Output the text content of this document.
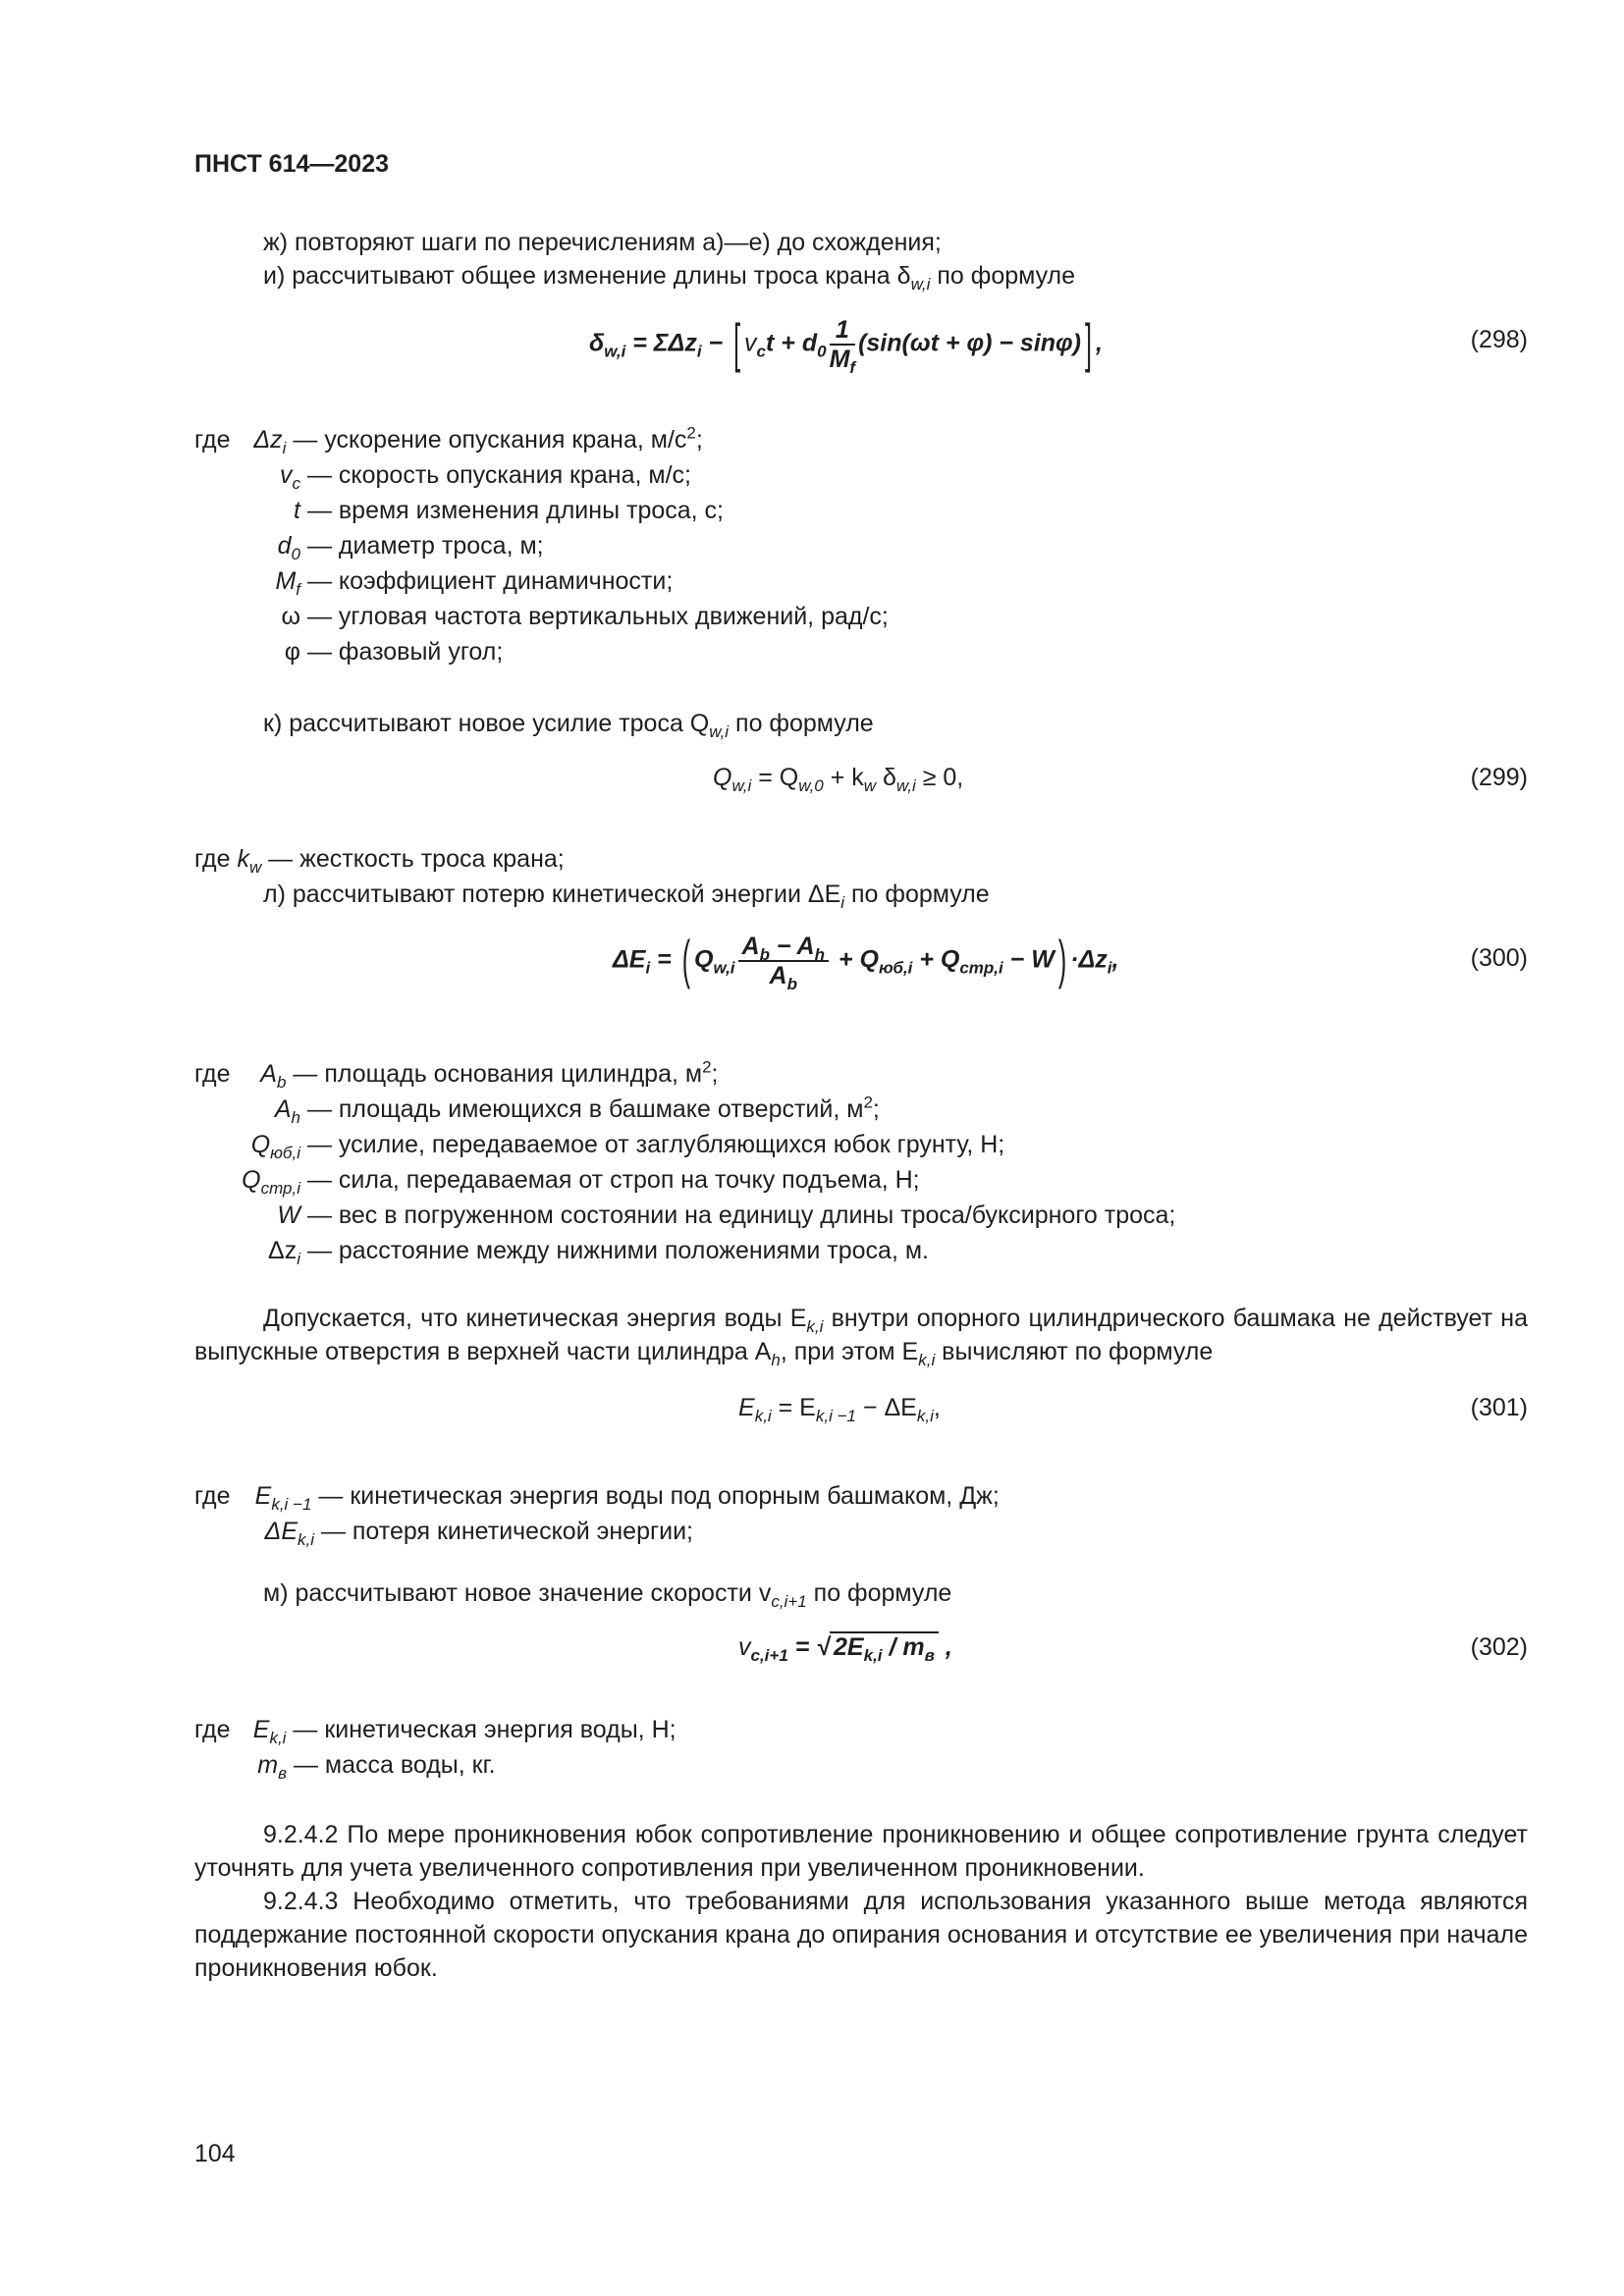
ПНСТ 614—2023
ж) повторяют шаги по перечислениям а)—е) до схождения;
и) рассчитывают общее изменение длины троса крана $\delta_{w,i}$ по формуле
$\delta_{w,i} = \Sigma\Delta z_i$ − [ $v_ct + d_0 \frac{1}{M_f} (\sin(\omega t + \varphi) - \sin\varphi)$ ] ,	(298)
где $\Delta z_i$ — ускорение опускания крана, $м/с^2$;
$v_c$ — скорость опускания крана, м/с;
t — время изменения длины троса, с;
$d_0$ — диаметр троса, м;
$M_f$ — коэффициент динамичности;
ω — угловая частота вертикальных движений, рад/с;
φ — фазовый угол;
к) рассчитывают новое усилие троса $Q_{w,i}$ по формуле
$Q_{w,i} = Q_{w,0} + k_w$ $\delta_{w,i} \ge 0$,	(299)
где $k_w$ — жесткость троса крана;
л) рассчитывают потерю кинетической энергии $\Delta E_i$ по формуле
$\Delta E_i$ = ( $Q_{w,i} \frac{A_b - A_h}{A_b} + Q_{юб,i} + Q_{стр,i} - W$ ) $\cdot\Delta z_i$,	(300)
где $A_b$ — площадь основания цилиндра, $м^2$;
$A_h$ — площадь имеющихся в башмаке отверстий, $м^2$;
$Q_{юб,i}$ — усилие, передаваемое от заглубляющихся юбок грунту, Н;
$Q_{стр,i}$ — сила, передаваемая от строп на точку подъема, Н;
W — вес в погруженном состоянии на единицу длины троса/буксирного троса;
$\Delta z_i$ — расстояние между нижними положениями троса, м.
Допускается, что кинетическая энергия воды $E_{k,i}$ внутри опорного цилиндрического башмака не действует на выпускные отверстия в верхней части цилиндра $A_h$, при этом $E_{k,i}$ вычисляют по формуле
$E_{k,i} = E_{k,i -1} - \Delta E_{k,i}$,	(301)
где $E_{k,i -1}$ — кинетическая энергия воды под опорным башмаком, Дж;
$\Delta E_{k,i}$ — потеря кинетической энергии;
м) рассчитывают новое значение скорости $v_{c,i+1}$ по формуле
$v_{c,i+1}$ = √ $2E_{k,i} / m_в$ ,	(302)
где $E_{k,i}$ — кинетическая энергия воды, Н;
$m_в$ — масса воды, кг.
9.2.4.2 По мере проникновения юбок сопротивление проникновению и общее сопротивление грунта следует уточнять для учета увеличенного сопротивления при увеличенном проникновении.
9.2.4.3 Необходимо отметить, что требованиями для использования указанного выше метода являются поддержание постоянной скорости опускания крана до опирания основания и отсутствие ее увеличения при начале проникновения юбок.
104
